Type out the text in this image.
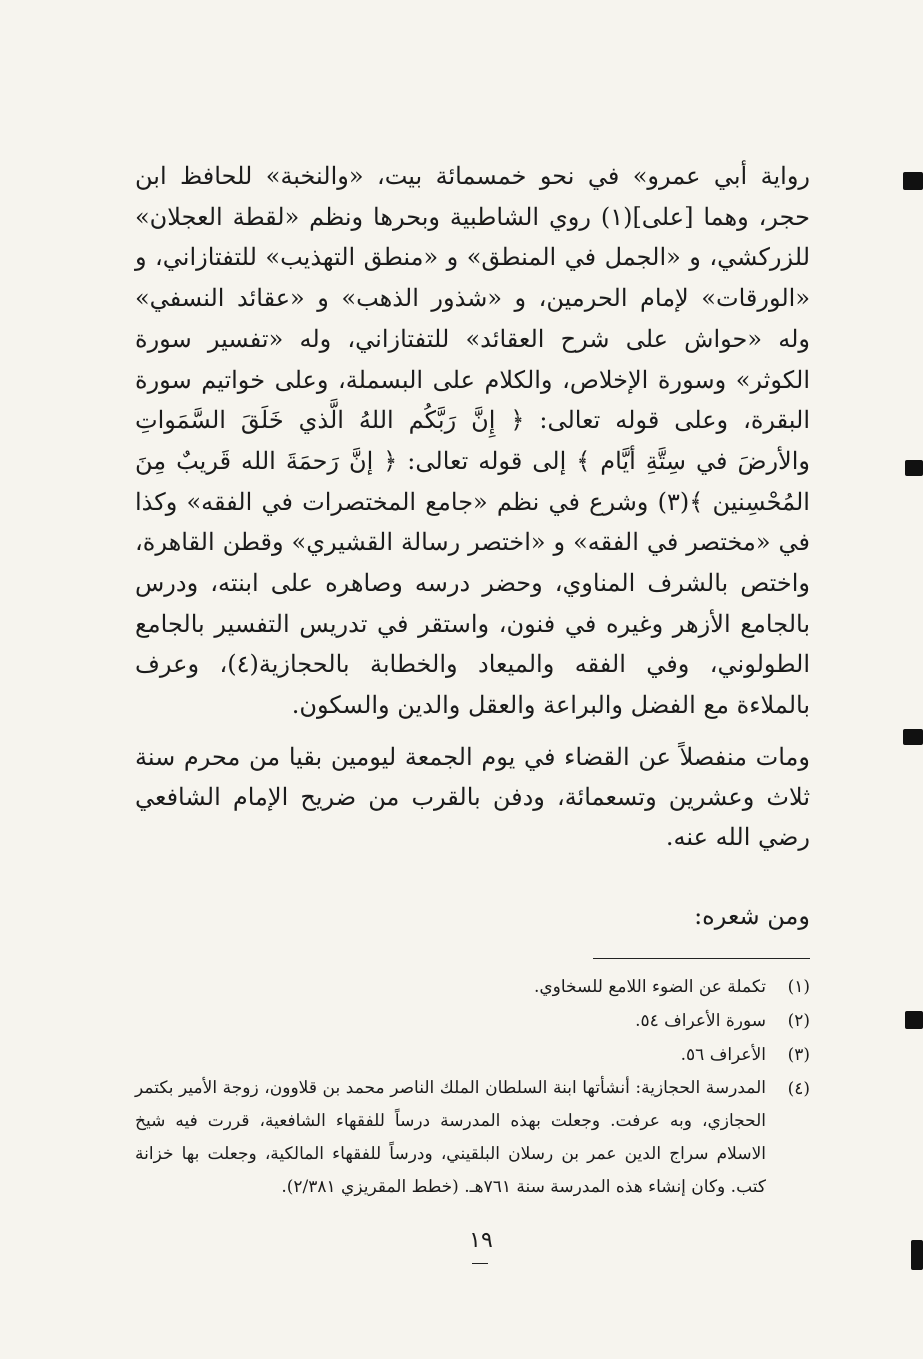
رواية أبي عمرو» في نحو خمسمائة بيت، «والنخبة» للحافظ ابن حجر، وهما [على](١) روي الشاطبية وبحرها ونظم «لقطة العجلان» للزركشي، و «الجمل في المنطق» و «منطق التهذيب» للتفتازاني، و «الورقات» لإمام الحرمين، و «شذور الذهب» و «عقائد النسفي» وله «حواش على شرح العقائد» للتفتازاني، وله «تفسير سورة الكوثر» وسورة الإخلاص، والكلام على البسملة، وعلى خواتيم سورة البقرة، وعلى قوله تعالى: ﴿ إِنَّ رَبَّكُم اللهُ الَّذي خَلَقَ السَّمَواتِ والأرضَ في سِتَّةِ أيَّام ﴾ إلى قوله تعالى: ﴿ إنَّ رَحمَةَ الله قَريبٌ مِنَ المُحْسِنين ﴾(٣) وشرع في نظم «جامع المختصرات في الفقه» وكذا في «مختصر في الفقه» و «اختصر رسالة القشيري» وقطن القاهرة، واختص بالشرف المناوي، وحضر درسه وصاهره على ابنته، ودرس بالجامع الأزهر وغيره في فنون، واستقر في تدريس التفسير بالجامع الطولوني، وفي الفقه والميعاد والخطابة بالحجازية(٤)، وعرف بالملاءة مع الفضل والبراعة والعقل والدين والسكون.

ومات منفصلاً عن القضاء في يوم الجمعة ليومين بقيا من محرم سنة ثلاث وعشرين وتسعمائة، ودفن بالقرب من ضريح الإمام الشافعي رضي الله عنه.

ومن شعره:

(١)
تكملة عن الضوء اللامع للسخاوي.
(٢)
سورة الأعراف ٥٤.
(٣)
الأعراف ٥٦.
(٤)
المدرسة الحجازية: أنشأتها ابنة السلطان الملك الناصر محمد بن قلاوون، زوجة الأمير بكتمر الحجازي، وبه عرفت. وجعلت بهذه المدرسة درساً للفقهاء الشافعية، قررت فيه شيخ الاسلام سراج الدين عمر بن رسلان البلقيني، ودرساً للفقهاء المالكية، وجعلت بها خزانة كتب. وكان إنشاء هذه المدرسة سنة ٧٦١هـ. (خطط المقريزي ٢/٣٨١).
١٩
